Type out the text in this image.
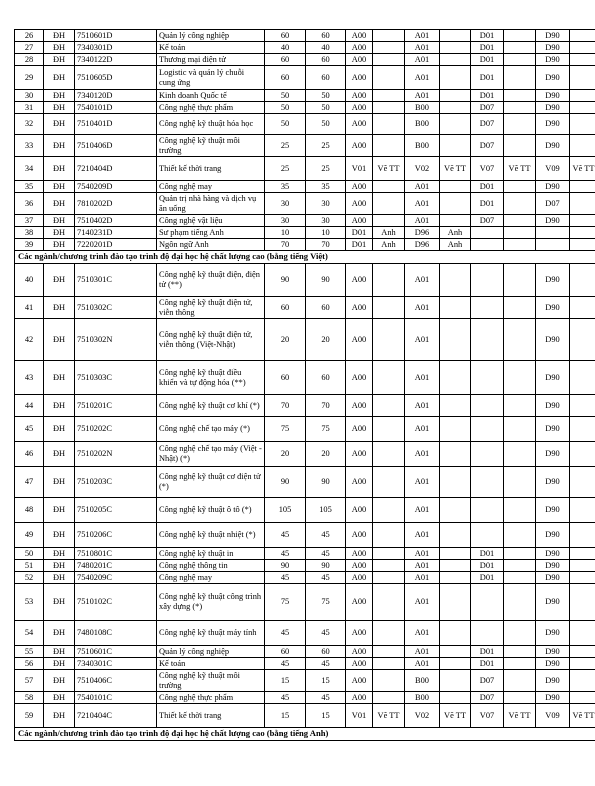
26	ĐH	7510601D	Quản lý công nghiệp	60	60	A00		A01		D01		D90	
27	ĐH	7340301D	Kế toán	40	40	A00		A01		D01		D90	
28	ĐH	7340122D	Thương mại điện tử	60	60	A00		A01		D01		D90	
29	ĐH	7510605D	Logistic và quản lý chuỗi cung ứng	60	60	A00		A01		D01		D90	
30	ĐH	7340120D	Kinh doanh Quốc tế	50	50	A00		A01		D01		D90	
31	ĐH	7540101D	Công nghệ thực phẩm	50	50	A00		B00		D07		D90	
32	ĐH	7510401D	Công nghệ kỹ thuật hóa học	50	50	A00		B00		D07		D90	
33	ĐH	7510406D	Công nghệ kỹ thuật môi trường	25	25	A00		B00		D07		D90	
34	ĐH	7210404D	Thiết kế thời trang	25	25	V01	Vẽ TT	V02	Vẽ TT	V07	Vẽ TT	V09	Vẽ TT
35	ĐH	7540209D	Công nghệ may	35	35	A00		A01		D01		D90	
36	ĐH	7810202D	Quản trị nhà hàng và dịch vụ ăn uống	30	30	A00		A01		D01		D07	
37	ĐH	7510402D	Công nghệ vật liệu	30	30	A00		A01		D07		D90	
38	ĐH	7140231D	Sư phạm tiếng Anh	10	10	D01	Anh	D96	Anh				
39	ĐH	7220201D	Ngôn ngữ Anh	70	70	D01	Anh	D96	Anh				
Các ngành/chương trình đào tạo trình độ đại học hệ chất lượng cao (bằng tiếng Việt)													
40	ĐH	7510301C	Công nghệ kỹ thuật điện, điện tử (**)	90	90	A00		A01				D90	
41	ĐH	7510302C	Công nghệ kỹ thuật điện tử, viễn thông	60	60	A00		A01				D90	
42	ĐH	7510302N	Công nghệ kỹ thuật điện tử, viễn thông (Việt-Nhật)	20	20	A00		A01				D90	
43	ĐH	7510303C	Công nghệ kỹ thuật điều khiển và tự động hóa (**)	60	60	A00		A01				D90	
44	ĐH	7510201C	Công nghệ kỹ thuật cơ khí (*)	70	70	A00		A01				D90	
45	ĐH	7510202C	Công nghệ chế tạo máy (*)	75	75	A00		A01				D90	
46	ĐH	7510202N	Công nghệ chế tạo máy (Việt - Nhật) (*)	20	20	A00		A01				D90	
47	ĐH	7510203C	Công nghệ kỹ thuật cơ điện tử (*)	90	90	A00		A01				D90	
48	ĐH	7510205C	Công nghệ kỹ thuật ô tô (*)	105	105	A00		A01				D90	
49	ĐH	7510206C	Công nghệ kỹ thuật nhiệt (*)	45	45	A00		A01				D90	
50	ĐH	7510801C	Công nghệ kỹ thuật in	45	45	A00		A01		D01		D90	
51	ĐH	7480201C	Công nghệ thông tin	90	90	A00		A01		D01		D90	
52	ĐH	7540209C	Công nghệ may	45	45	A00		A01		D01		D90	
53	ĐH	7510102C	Công nghệ kỹ thuật công trình xây dựng (*)	75	75	A00		A01				D90	
54	ĐH	7480108C	Công nghệ kỹ thuật máy tính	45	45	A00		A01				D90	
55	ĐH	7510601C	Quản lý công nghiệp	60	60	A00		A01		D01		D90	
56	ĐH	7340301C	Kế toán	45	45	A00		A01		D01		D90	
57	ĐH	7510406C	Công nghệ kỹ thuật môi trường	15	15	A00		B00		D07		D90	
58	ĐH	7540101C	Công nghệ thực phẩm	45	45	A00		B00		D07		D90	
59	ĐH	7210404C	Thiết kế thời trang	15	15	V01	Vẽ TT	V02	Vẽ TT	V07	Vẽ TT	V09	Vẽ TT
Các ngành/chương trình đào tạo trình độ đại học hệ chất lượng cao (bằng tiếng Anh)													
